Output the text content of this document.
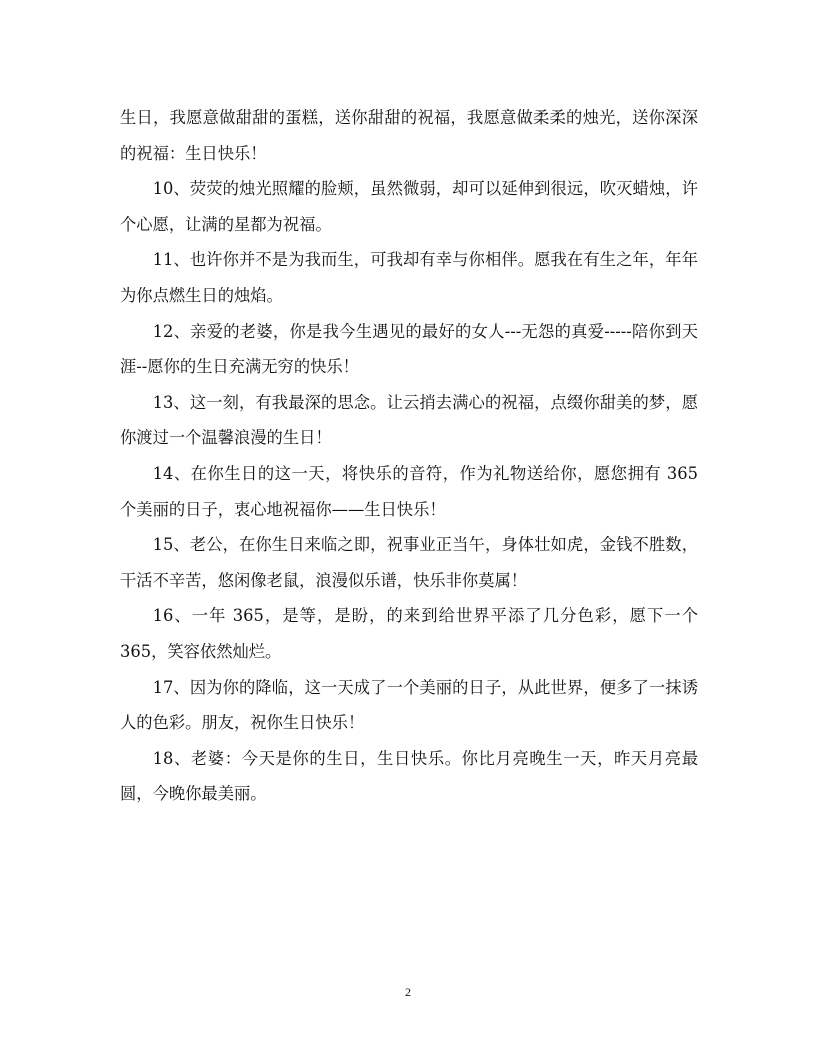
生日，我愿意做甜甜的蛋糕，送你甜甜的祝福，我愿意做柔柔的烛光，送你深深的祝福：生日快乐！

10、荧荧的烛光照耀的脸颊，虽然微弱，却可以延伸到很远，吹灭蜡烛，许个心愿，让满的星都为祝福。

11、也许你并不是为我而生，可我却有幸与你相伴。愿我在有生之年，年年为你点燃生日的烛焰。

12、亲爱的老婆，你是我今生遇见的最好的女人---无怨的真爱-----陪你到天涯--愿你的生日充满无穷的快乐！

13、这一刻，有我最深的思念。让云捎去满心的祝福，点缀你甜美的梦，愿你渡过一个温馨浪漫的生日！

14、在你生日的这一天，将快乐的音符，作为礼物送给你，愿您拥有 365 个美丽的日子，衷心地祝福你——生日快乐！

15、老公，在你生日来临之即，祝事业正当午，身体壮如虎，金钱不胜数，干活不辛苦，悠闲像老鼠，浪漫似乐谱，快乐非你莫属！

16、一年 365，是等，是盼，的来到给世界平添了几分色彩，愿下一个 365，笑容依然灿烂。

17、因为你的降临，这一天成了一个美丽的日子，从此世界，便多了一抹诱人的色彩。朋友，祝你生日快乐！

18、老婆：今天是你的生日，生日快乐。你比月亮晚生一天，昨天月亮最圆，今晚你最美丽。

2
